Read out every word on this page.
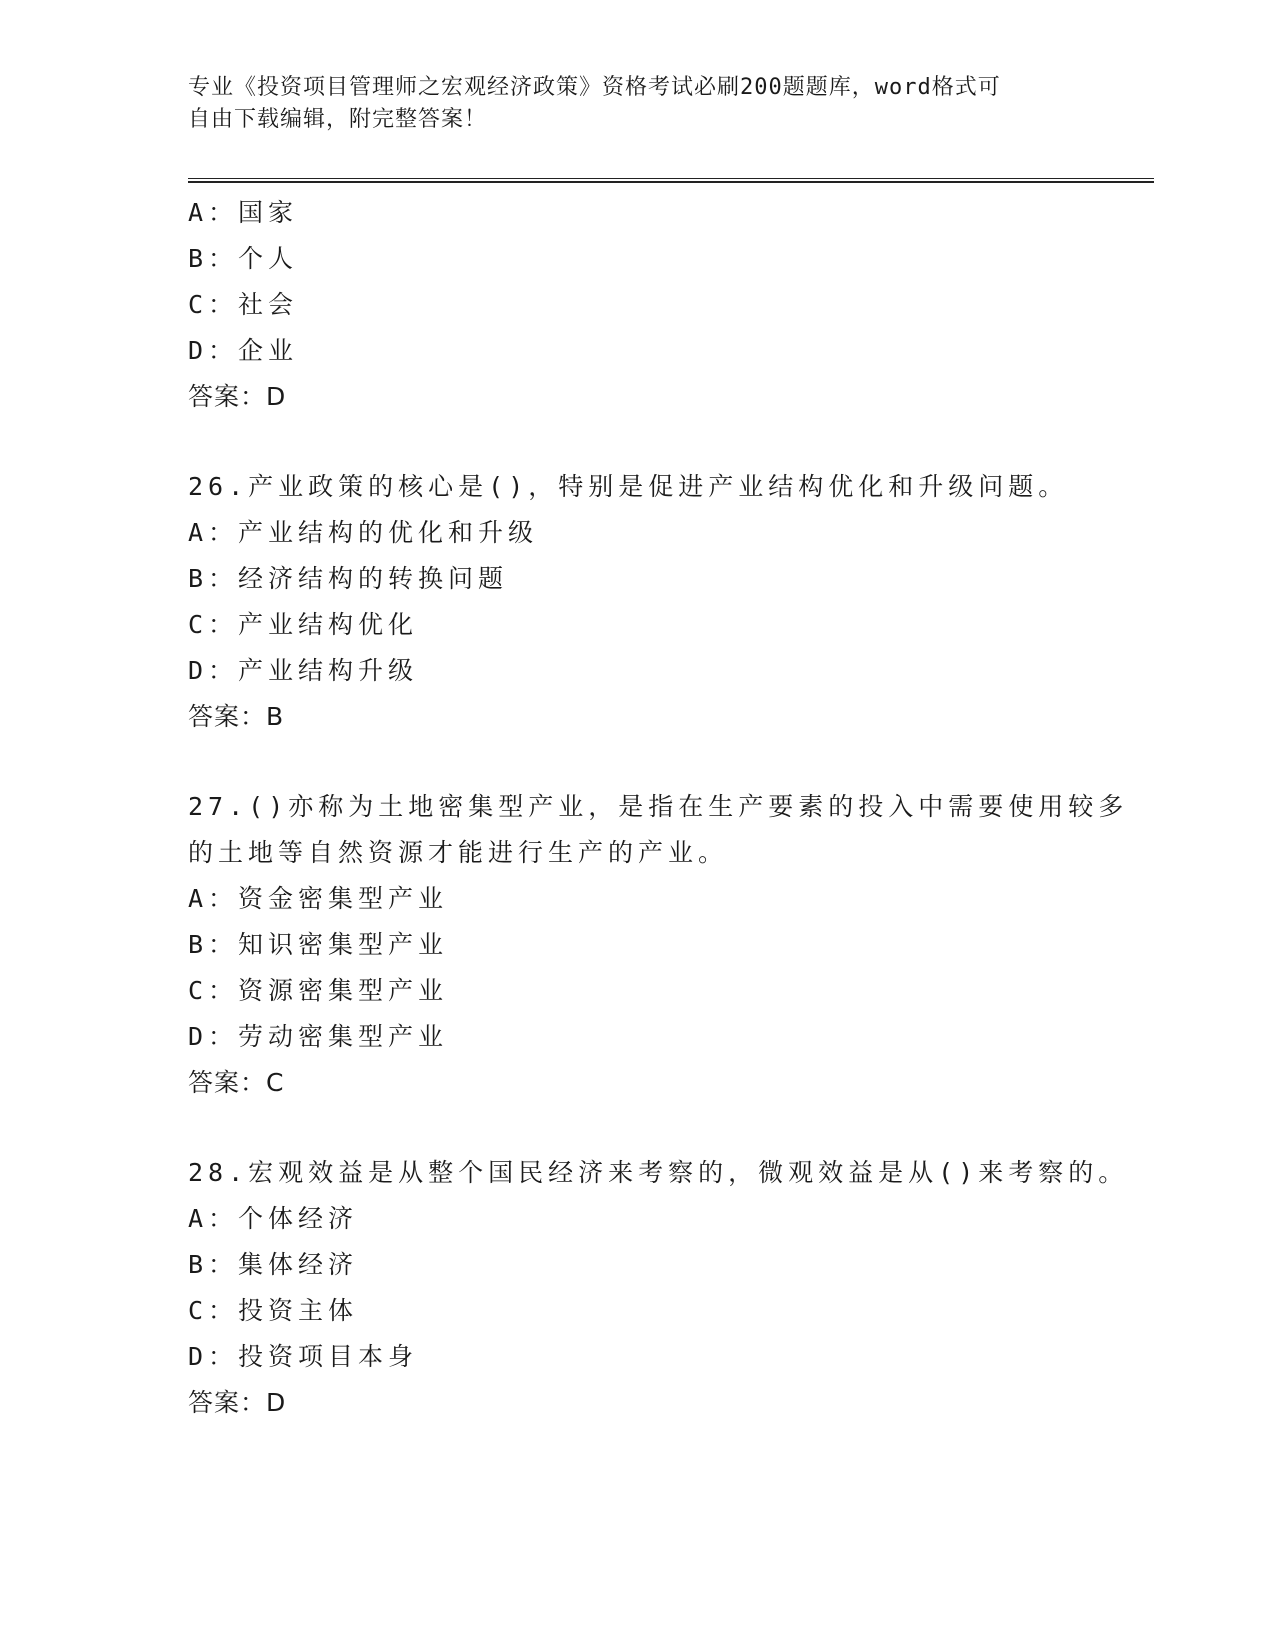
专业《投资项目管理师之宏观经济政策》资格考试必刷200题题库，word格式可
自由下载编辑，附完整答案！
A：国家
B：个人
C：社会
D：企业
答案：D
26.产业政策的核心是()，特别是促进产业结构优化和升级问题。
A：产业结构的优化和升级
B：经济结构的转换问题
C：产业结构优化
D：产业结构升级
答案：B
27.()亦称为土地密集型产业，是指在生产要素的投入中需要使用较多
的土地等自然资源才能进行生产的产业。
A：资金密集型产业
B：知识密集型产业
C：资源密集型产业
D：劳动密集型产业
答案：C
28.宏观效益是从整个国民经济来考察的，微观效益是从()来考察的。
A：个体经济
B：集体经济
C：投资主体
D：投资项目本身
答案：D
